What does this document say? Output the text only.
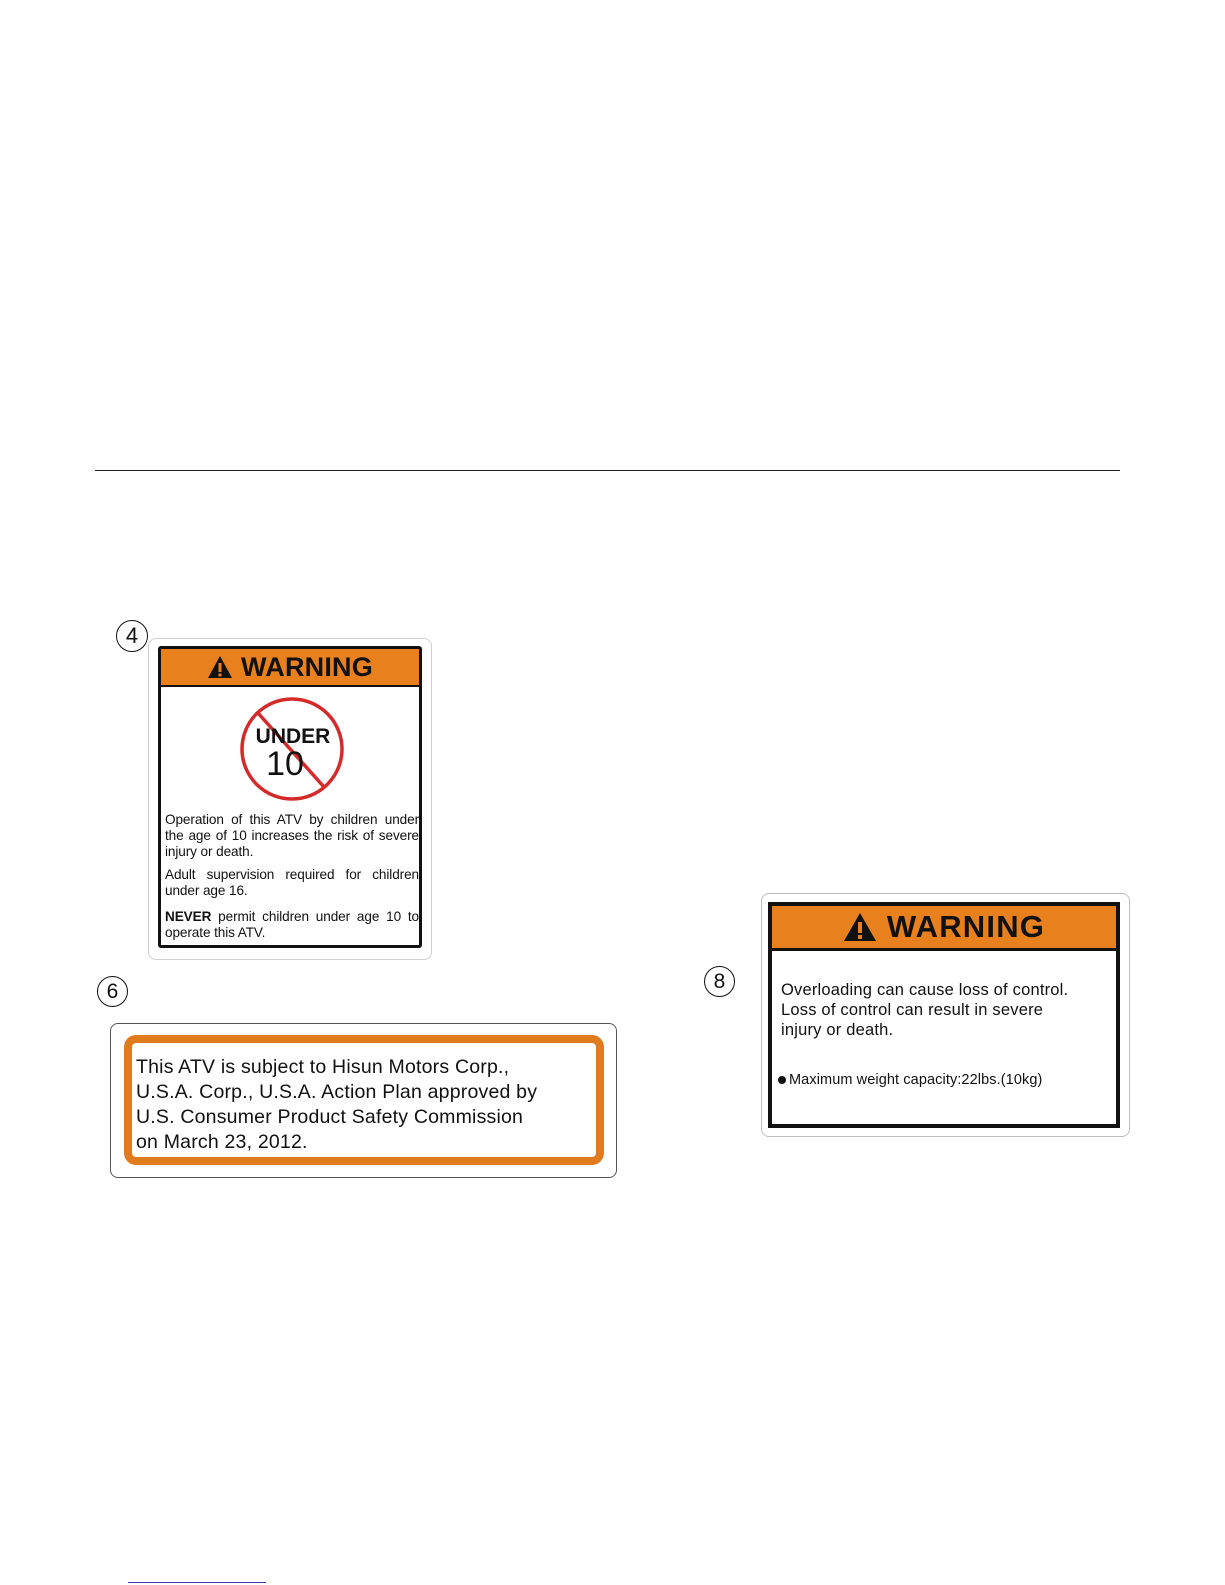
4
WARNING
UNDER
10
Operation of this ATV by children under the age of 10 increases the risk of severe injury or death.
Adult supervision required for children under age 16.
NEVER permit children under age 10 to operate this ATV.
6
This ATV is subject to Hisun Motors Corp.,
U.S.A. Corp., U.S.A. Action Plan approved by
U.S. Consumer Product Safety Commission
on March 23, 2012.
8
WARNING
Overloading can cause loss of control.
Loss of control can result in severe
injury or death.
Maximum weight capacity:22lbs.(10kg)
